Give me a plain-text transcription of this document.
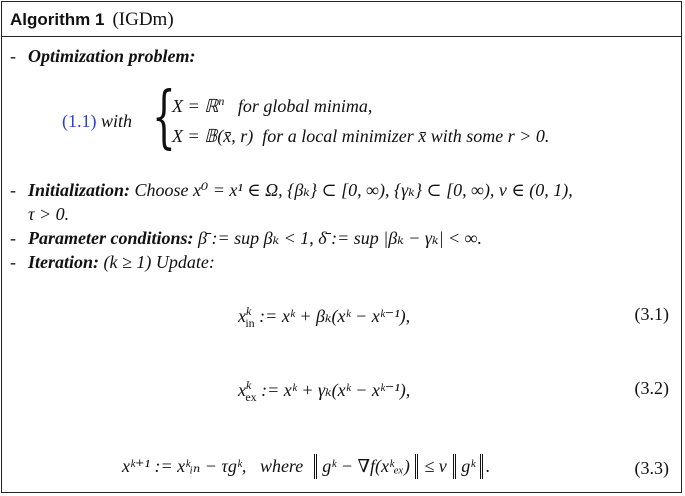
Algorithm 1 (IGDm)
- Optimization problem:
(1.1) with {
X = ℝ$^n$ for global minima,
X = 𝔹(x̄, r) for a local minimizer x̄ with some r > 0.
- Initialization: Choose x⁰ = x¹ ∈ Ω, {βₖ} ⊂ [0, ∞), {γₖ} ⊂ [0, ∞), ν ∈ (0, 1),
τ > 0.
- Parameter conditions: β̄ := sup βₖ < 1, δ̄ := sup |βₖ − γₖ| < ∞.
- Iteration: (k ≥ 1) Update:
$x^k_{in}$ := xᵏ + βₖ(xᵏ − xᵏ⁻¹),	(3.1)
$x^k_{ex}$ := xᵏ + γₖ(xᵏ − xᵏ⁻¹),	(3.2)
xᵏ⁺¹ := xᵏᵢₙ − τgᵏ, where gᵏ − ∇f(xᵏₑₓ) ≤ ν gᵏ .	(3.3)
